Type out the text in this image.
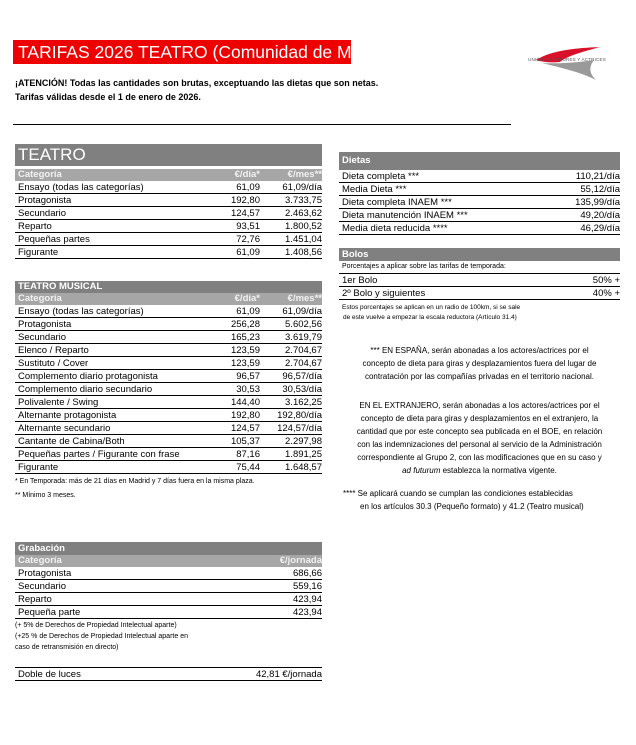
TARIFAS 2026 TEATRO (Comunidad de Madrid)	UNIÓN DE ACTORES Y ACTRICES
¡ATENCIÓN! Todas las cantidades son brutas, exceptuando las dietas que son netas.
Tarifas válidas desde el 1 de enero de 2026.
TEATRO
Categoría	€/día*	€/mes**
Ensayo (todas las categorías)	61,09	61,09/día
Protagonista	192,80	3.733,75
Secundario	124,57	2.463,62
Reparto	93,51	1.800,52
Pequeñas partes	72,76	1.451,04
Figurante	61,09	1.408,56
TEATRO MUSICAL
Categoría	€/día*	€/mes**
Ensayo (todas las categorías)	61,09	61,09/día
Protagonista	256,28	5.602,56
Secundario	165,23	3.619,79
Elenco / Reparto	123,59	2.704,67
Sustituto / Cover	123,59	2.704,67
Complemento diario protagonista	96,57	96,57/día
Complemento diario secundario	30,53	30,53/día
Polivalente / Swing	144,40	3.162,25
Alternante protagonista	192,80	192,80/día
Alternante secundario	124,57	124,57/día
Cantante de Cabina/Both	105,37	2.297,98
Pequeñas partes / Figurante con frase	87,16	1.891,25
Figurante	75,44	1.648,57
* En Temporada: más de 21 días en Madrid y 7 días fuera en la misma plaza.
** Mínimo 3 meses.
Grabación
Categoría	€/jornada
Protagonista	686,66
Secundario	559,16
Reparto	423,94
Pequeña parte	423,94
(+ 5% de Derechos de Propiedad Intelectual aparte)
(+25 % de Derechos de Propiedad Intelectual aparte en
caso de retransmisión en directo)
Doble de luces	42,81 €/jornada
Dietas
Dieta completa ***	110,21/día
Media Dieta ***	55,12/día
Dieta completa INAEM ***	135,99/día
Dieta manutención INAEM ***	49,20/día
Media dieta reducida ****	46,29/día
Bolos
Porcentajes a aplicar sobre las tarifas de temporada:
1er Bolo	50% +
2º Bolo y siguientes	40% +
Estos porcentajes se aplican en un radio de 100km, si se sale
de este vuelve a empezar la escala reductora (Artículo 31.4)
*** EN ESPAÑA, serán abonadas a los actores/actrices por el
concepto de dieta para giras y desplazamientos fuera del lugar de
contratación por las compañías privadas en el territorio nacional.
EN EL EXTRANJERO, serán abonadas a los actores/actrices por el
concepto de dieta para giras y desplazamientos en el extranjero, la
cantidad que por este concepto sea publicada en el BOE, en relación
con las indemnizaciones del personal al servicio de la Administración
correspondiente al Grupo 2, con las modificaciones que en su caso y
ad futurum establezca la normativa vigente.
**** Se aplicará cuando se cumplan las condiciones establecidas
en los artículos 30.3 (Pequeño formato) y 41.2 (Teatro musical)
